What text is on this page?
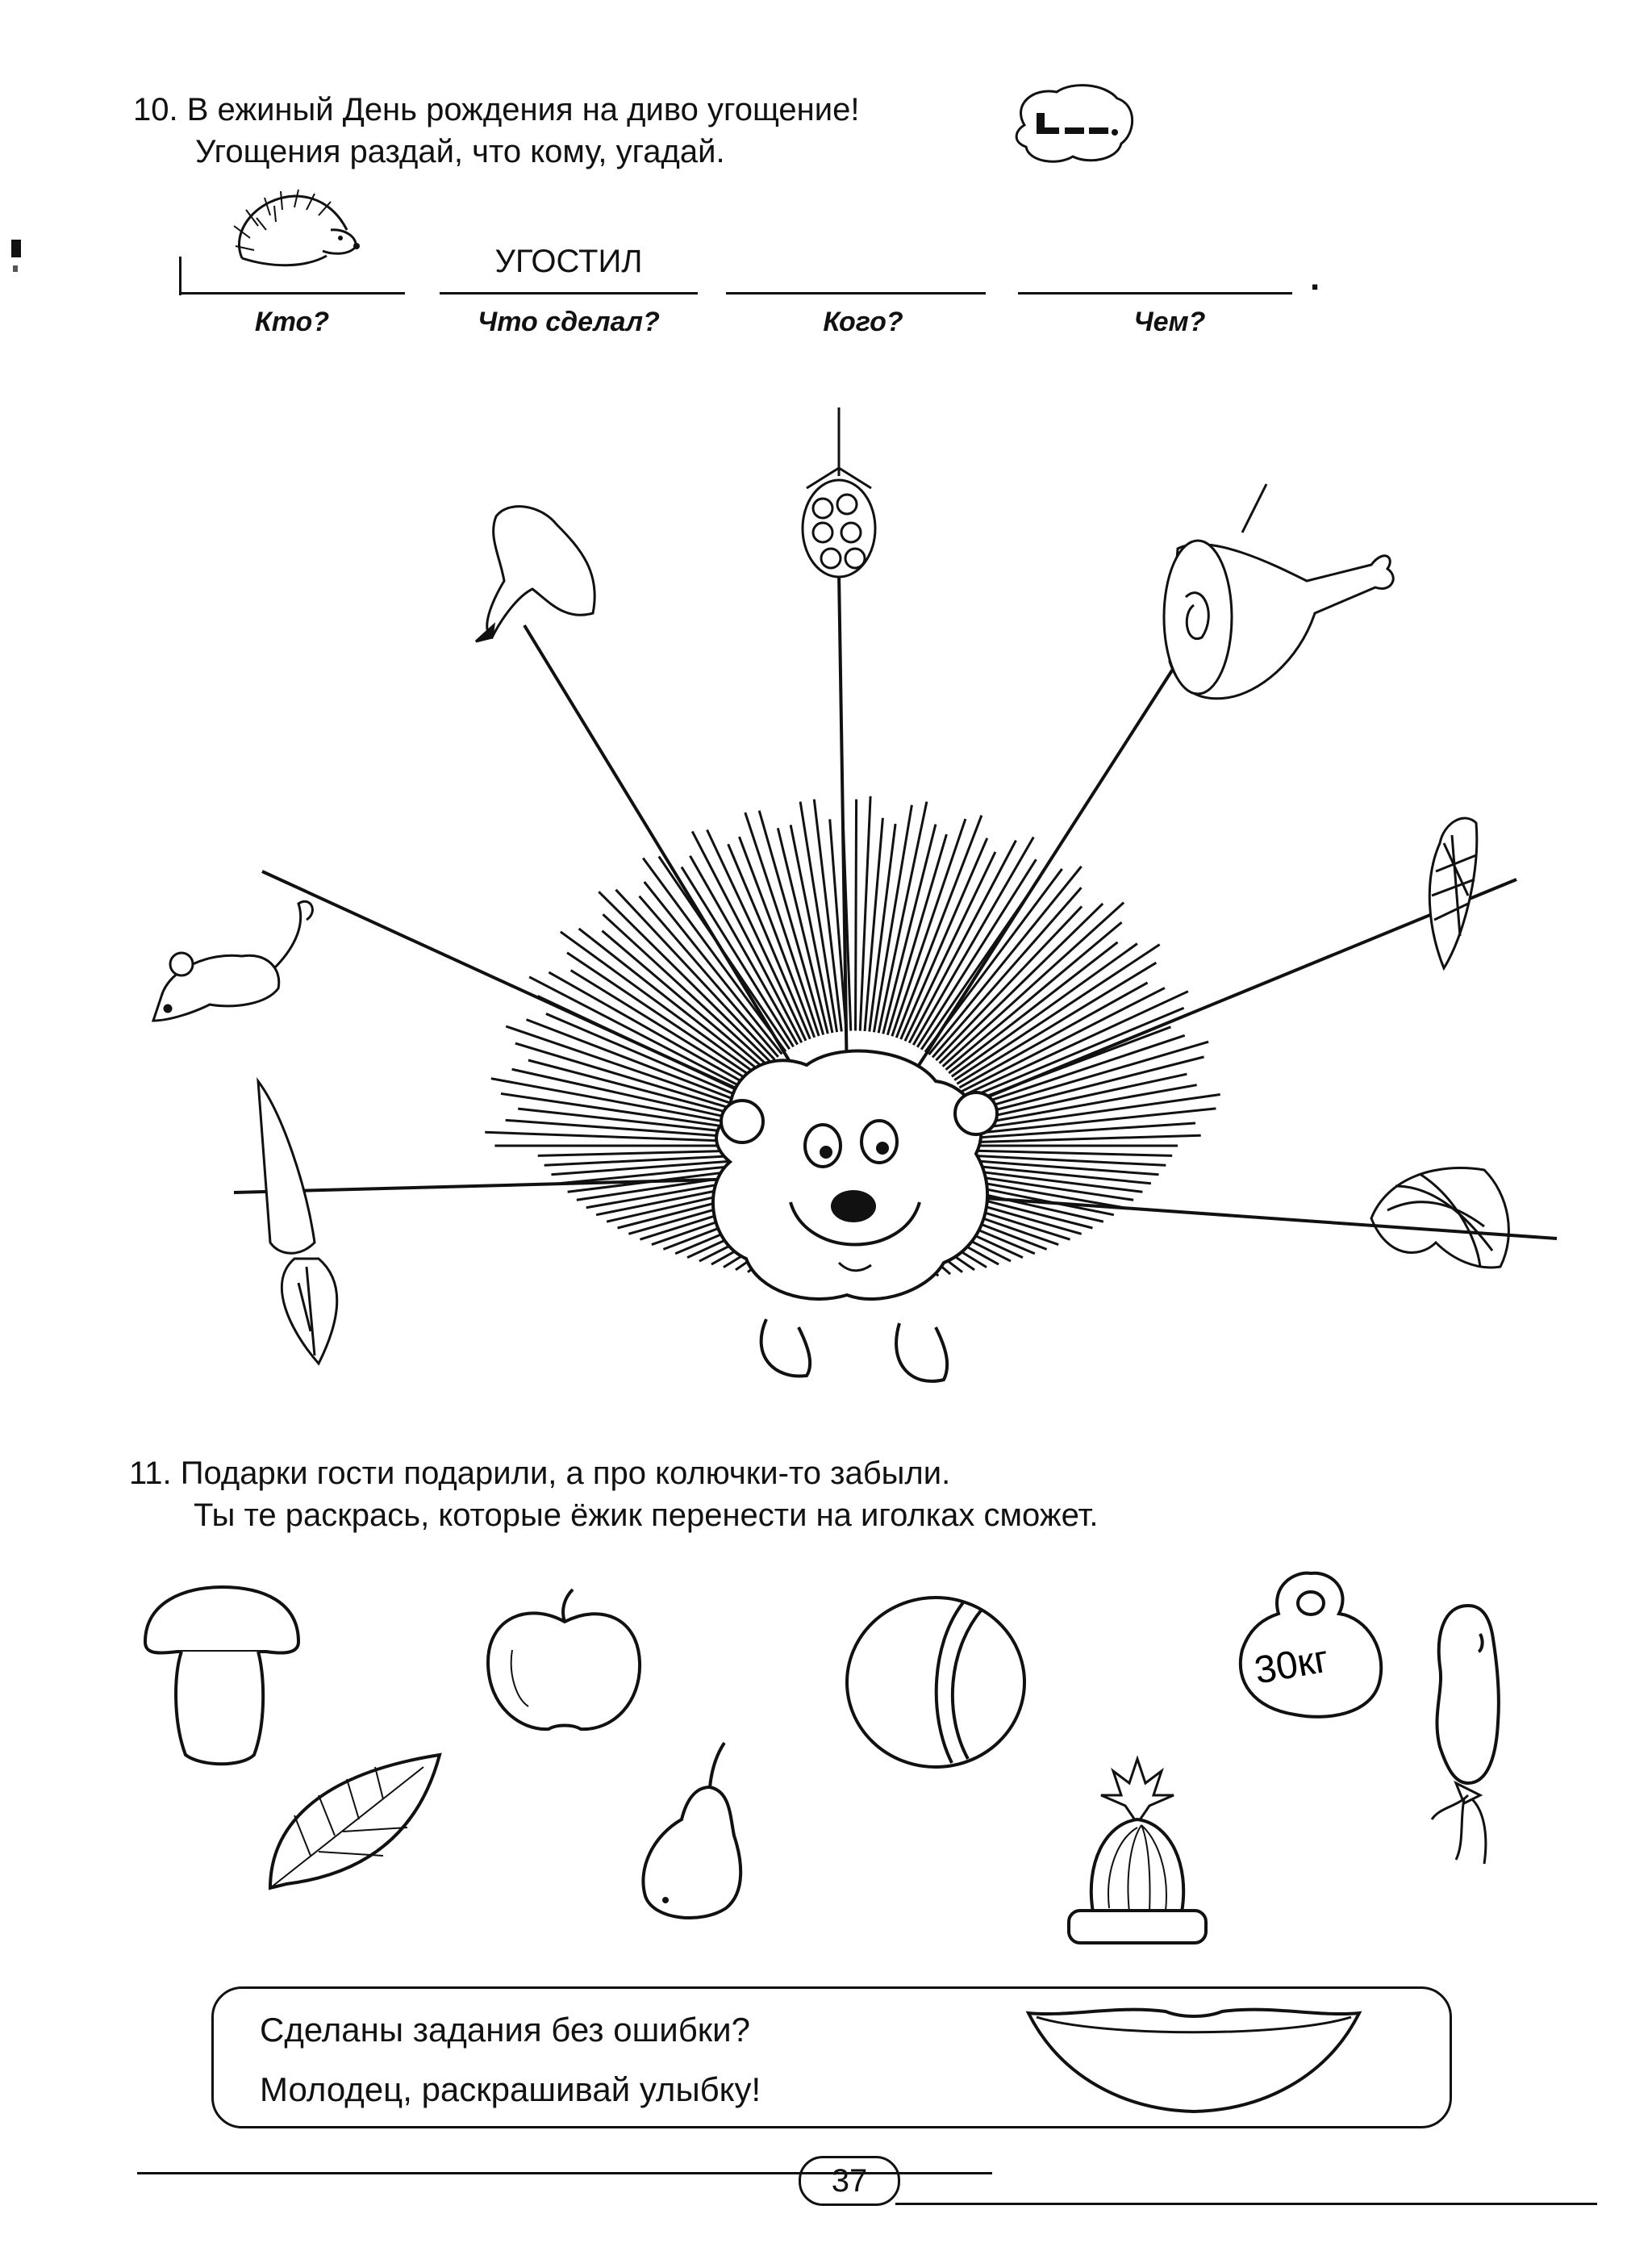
10. В ежиный День рождения на диво угощение!
Угощения раздай, что кому, угадай.
УГОСТИЛ	.
Кто?	Что сделал?	Кого?	Чем?
11. Подарки гости подарили, а про колючки-то забыли.
Ты те раскрась, которые ёжик перенести на иголках сможет.
30кг
Сделаны задания без ошибки?
Молодец, раскрашивай улыбку!
37
